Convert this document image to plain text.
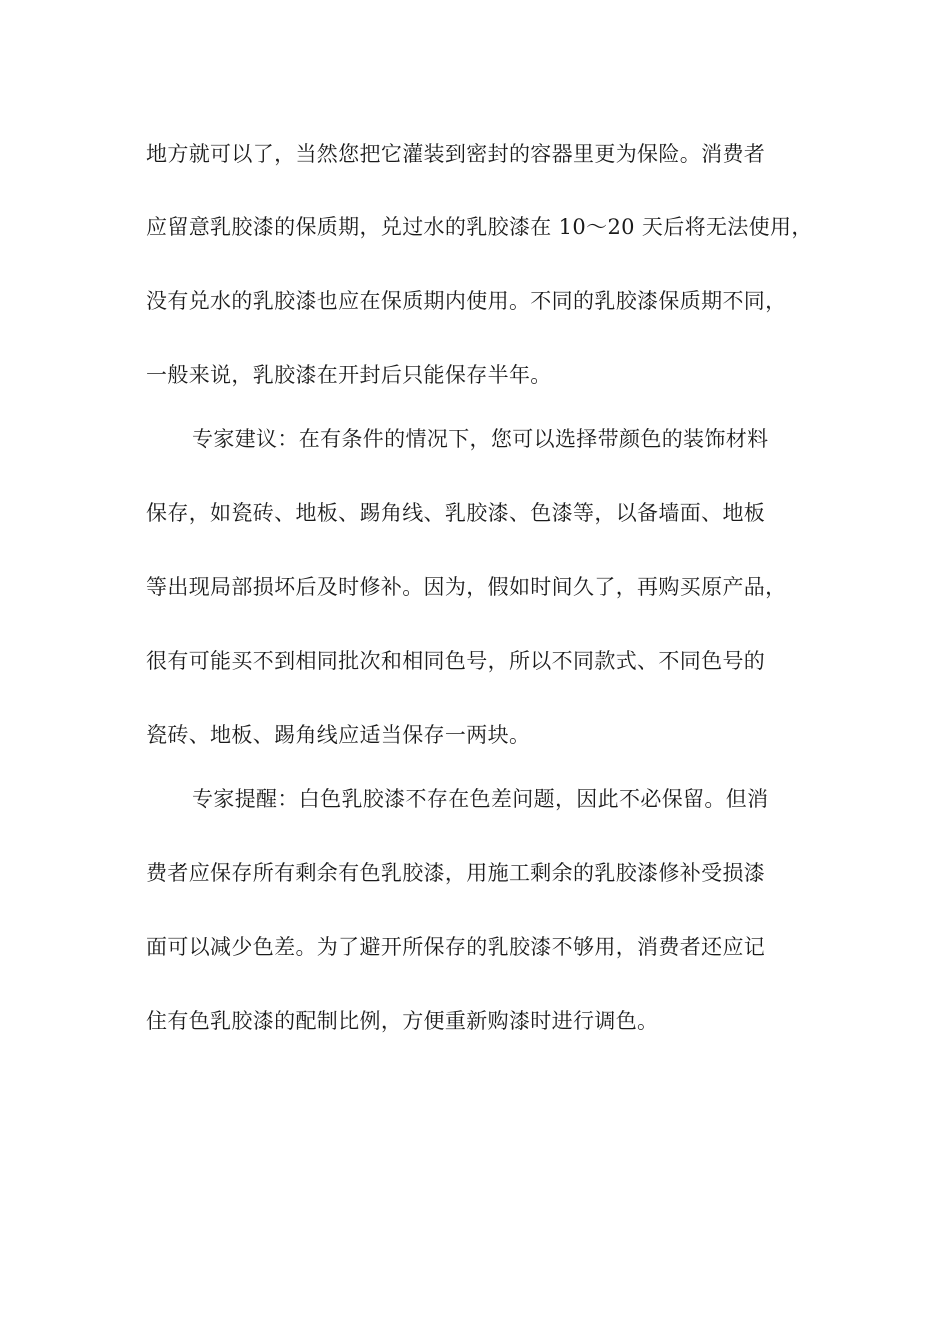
地方就可以了，当然您把它灌装到密封的容器里更为保险。消费者
应留意乳胶漆的保质期，兑过水的乳胶漆在 10～20 天后将无法使用，
没有兑水的乳胶漆也应在保质期内使用。不同的乳胶漆保质期不同，
一般来说，乳胶漆在开封后只能保存半年。
专家建议：在有条件的情况下，您可以选择带颜色的装饰材料
保存，如瓷砖、地板、踢角线、乳胶漆、色漆等，以备墙面、地板
等出现局部损坏后及时修补。因为，假如时间久了，再购买原产品，
很有可能买不到相同批次和相同色号，所以不同款式、不同色号的
瓷砖、地板、踢角线应适当保存一两块。
专家提醒：白色乳胶漆不存在色差问题，因此不必保留。但消
费者应保存所有剩余有色乳胶漆，用施工剩余的乳胶漆修补受损漆
面可以减少色差。为了避开所保存的乳胶漆不够用，消费者还应记
住有色乳胶漆的配制比例，方便重新购漆时进行调色。
